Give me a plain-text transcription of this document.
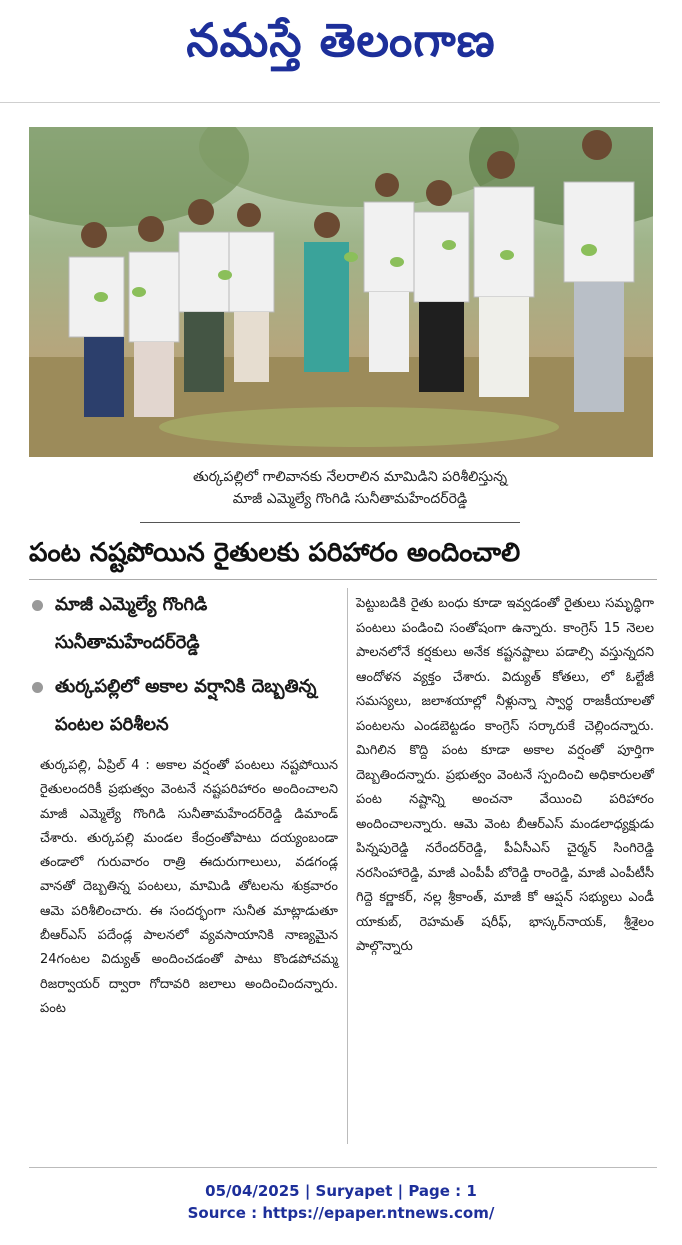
నమస్తే తెలంగాణ
తుర్కపల్లిలో గాలివానకు నేలరాలిన మామిడిని పరిశీలిస్తున్న
మాజీ ఎమ్మెల్యే గొంగిడి సునీతామహేందర్‌రెడ్డి
పంట నష్టపోయిన రైతులకు పరిహారం అందించాలి
మాజీ ఎమ్మెల్యే గొంగిడి సునీతామహేందర్‌రెడ్డి
తుర్కపల్లిలో అకాల వర్షానికి దెబ్బతిన్న పంటల పరిశీలన

తుర్కపల్లి, ఏప్రిల్ 4 : అకాల వర్షంతో పంటలు నష్టపోయిన రైతులందరికీ ప్రభుత్వం వెంటనే నష్టపరిహారం అందించాలని మాజీ ఎమ్మెల్యే గొంగిడి సునీతామహేందర్‌రెడ్డి డిమాండ్ చేశారు. తుర్కపల్లి మండల కేంద్రంతోపాటు దయ్యంబండా తండాలో గురువారం రాత్రి ఈదురుగాలులు, వడగండ్ల వానతో దెబ్బతిన్న పంటలు, మామిడి తోటలను శుక్రవారం ఆమె పరిశీలించారు. ఈ సందర్భంగా సునీత మాట్లాడుతూ బీఆర్‌ఎస్ పదేండ్ల పాలనలో వ్యవసాయానికి నాణ్యమైన 24గంటల విద్యుత్ అందించడంతో పాటు కొండపోచమ్మ రిజర్వాయర్ ద్వారా గోదావరి జలాలు అందించిందన్నారు. పంట

పెట్టుబడికి రైతు బంధు కూడా ఇవ్వడంతో రైతులు సమృద్ధిగా పంటలు పండించి సంతోషంగా ఉన్నారు. కాంగ్రెస్ 15 నెలల పాలనలోనే కర్షకులు అనేక కష్టనష్టాలు పడాల్సి వస్తున్నదని ఆందోళన వ్యక్తం చేశారు. విద్యుత్ కోతలు, లో ఓల్టేజీ సమస్యలు, జలాశయాల్లో నీళ్లున్నా స్వార్థ రాజకీయాలతో పంటలను ఎండబెట్టడం కాంగ్రెస్ సర్కారుకే చెల్లిందన్నారు. మిగిలిన కొద్ది పంట కూడా అకాల వర్షంతో పూర్తిగా దెబ్బతిందన్నారు. ప్రభుత్వం వెంటనే స్పందించి అధికారులతో పంట నష్టాన్ని అంచనా వేయించి పరిహారం అందించాలన్నారు. ఆమె వెంట బీఆర్‌ఎస్ మండలాధ్యక్షుడు పిన్నపురెడ్డి నరేందర్‌రెడ్డి, పీఏసీఎస్ చైర్మన్ సింగిరెడ్డి నరసింహారెడ్డి, మాజీ ఎంపీపీ బోరెడ్డి రాంరెడ్డి, మాజీ ఎంపీటీసీ గిద్దె కర్ణాకర్, నల్ల శ్రీకాంత్, మాజీ కో ఆప్షన్ సభ్యులు ఎండీ యాకుబ్, రెహమత్ షరీఫ్, భాస్కర్‌నాయక్, శ్రీశైలం పాల్గొన్నారు

05/04/2025 | Suryapet | Page : 1
Source : https://epaper.ntnews.com/
